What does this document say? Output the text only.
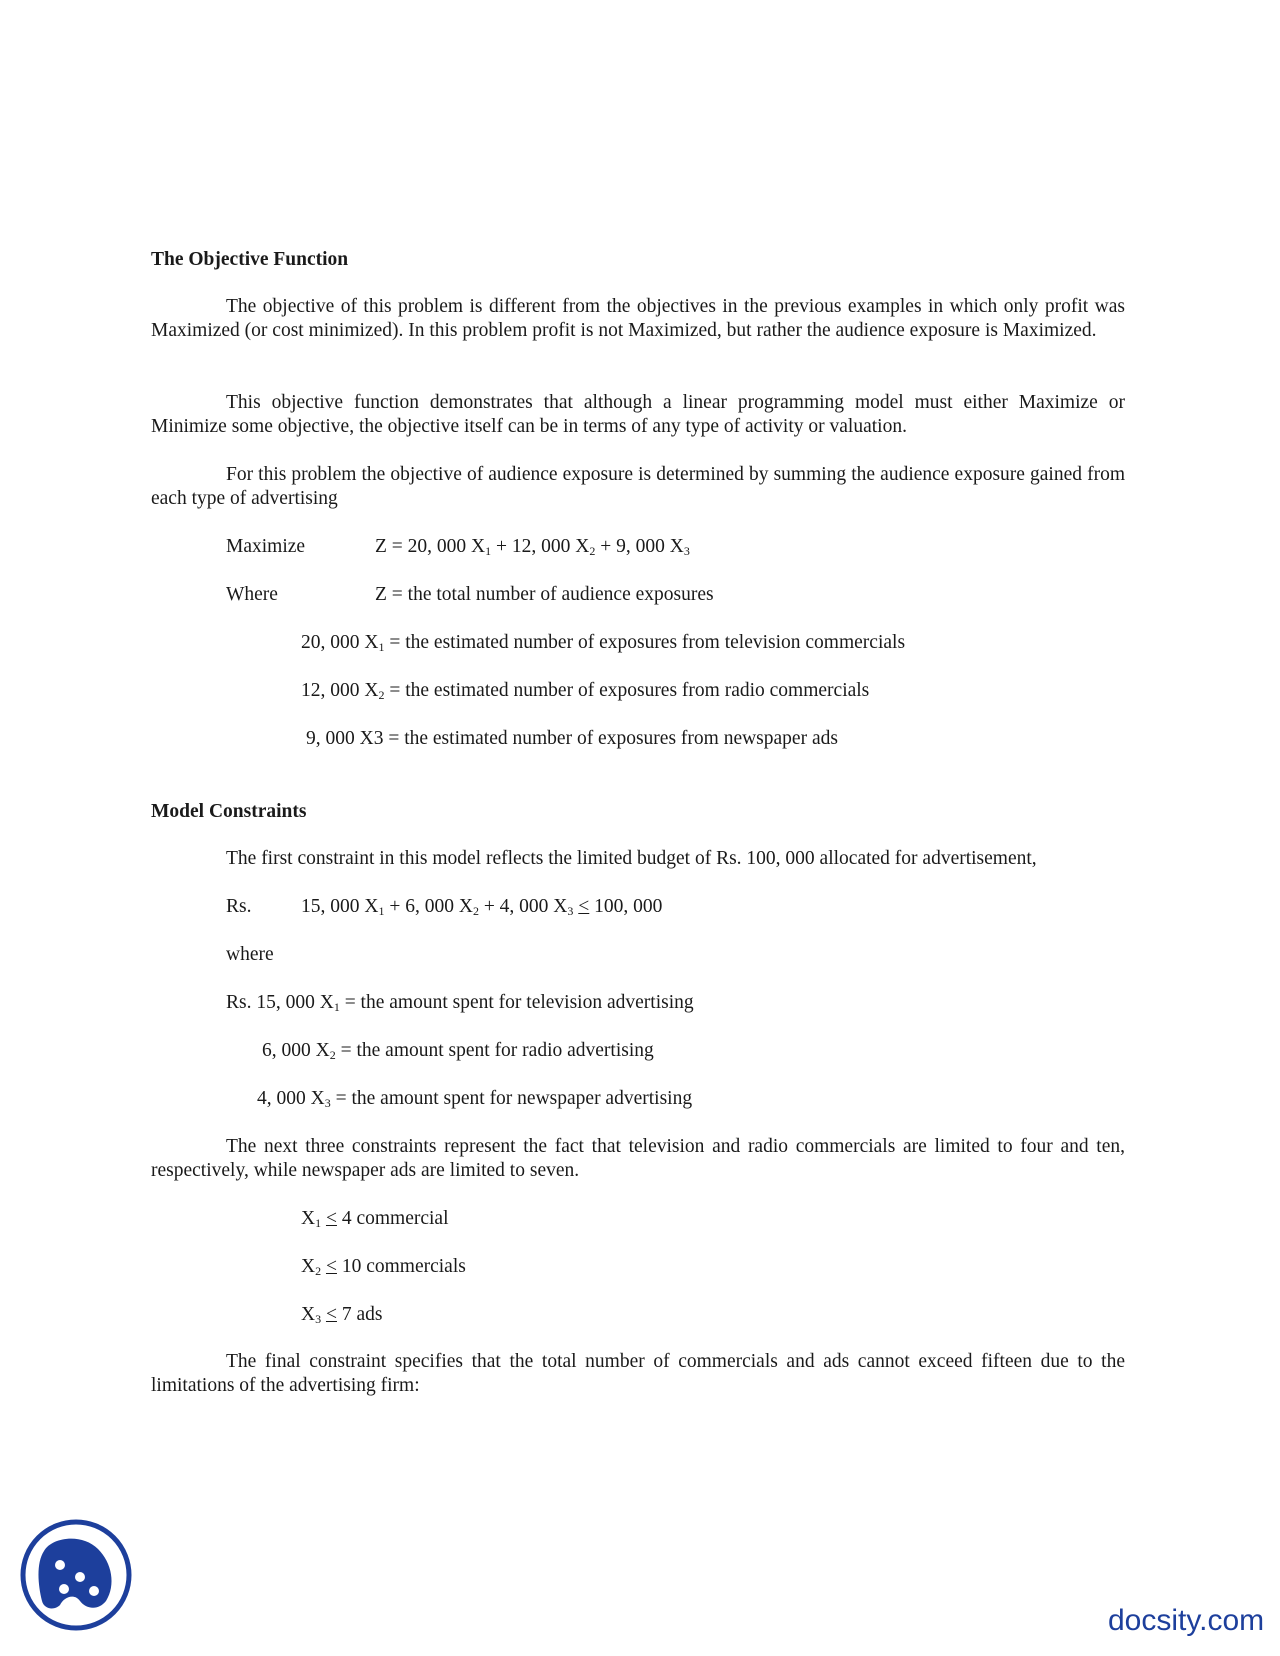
The Objective Function
The objective of this problem is different from the objectives in the previous examples in which only profit was Maximized (or cost minimized). In this problem profit is not Maximized, but rather the audience exposure is Maximized.
This objective function demonstrates that although a linear programming model must either Maximize or Minimize some objective, the objective itself can be in terms of any type of activity or valuation.
For this problem the objective of audience exposure is determined by summing the audience exposure gained from each type of advertising
Maximize	Z = 20, 000 $X_1 + 12$, 000 $X_2 + 9$, 000 $X_3$
Where	Z = the total number of audience exposures
20, 000 $X_1$ = the estimated number of exposures from television commercials
12, 000 $X_2$ = the estimated number of exposures from radio commercials
9, 000 X3 = the estimated number of exposures from newspaper ads
Model Constraints
The first constraint in this model reflects the limited budget of Rs. 100, 000 allocated for advertisement,
Rs.	15, 000 $X_1 + 6$, 000 $X_2 + 4$, 000 $X_3 < 100$, 000
where
Rs. 15, 000 $X_1$ = the amount spent for television advertising
6, 000 $X_2$ = the amount spent for radio advertising
4, 000 $X_3$ = the amount spent for newspaper advertising
The next three constraints represent the fact that television and radio commercials are limited to four and ten, respectively, while newspaper ads are limited to seven.
$X_1 < 4$ commercial
$X_2 < 10$ commercials
$X_3 < 7$ ads
The final constraint specifies that the total number of commercials and ads cannot exceed fifteen due to the limitations of the advertising firm:
docsity.com
